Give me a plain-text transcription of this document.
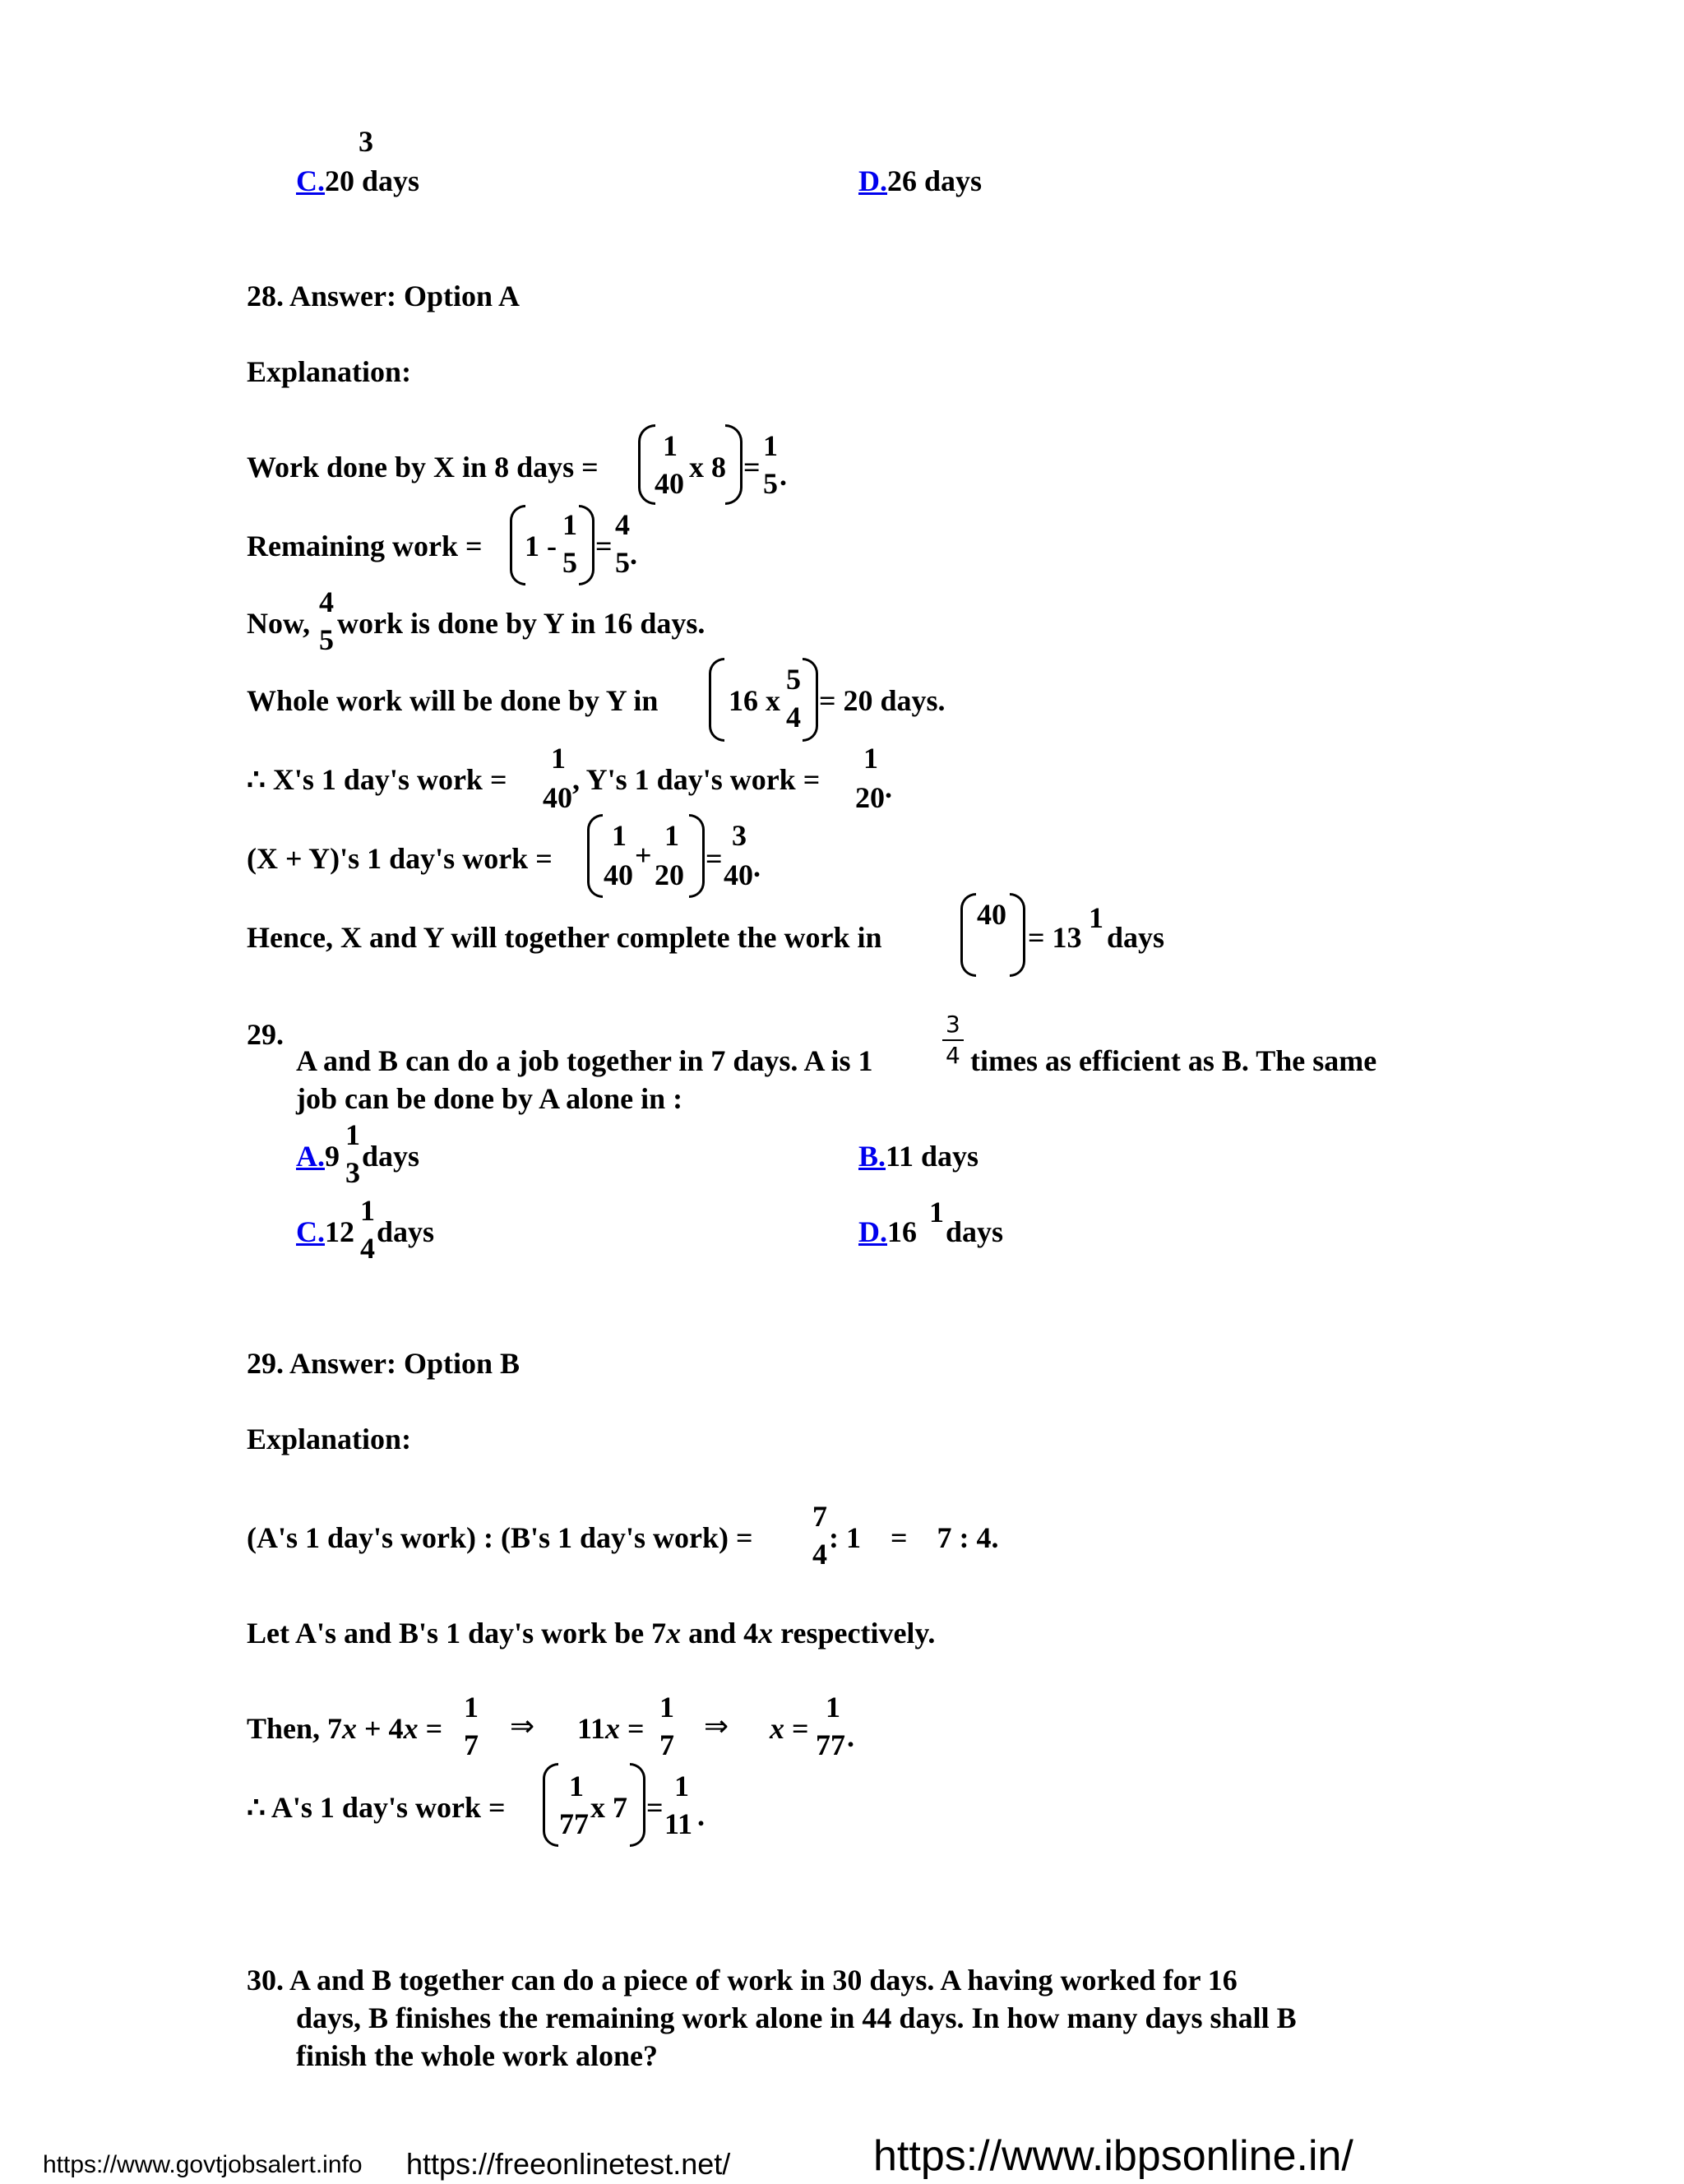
3
C.20 days	D.26 days
28. Answer: Option A
Explanation:
Work done by X in 8 days =
1
40 x 8 =
1
5 .
Remaining work = 1 -
1
5 =
4
5 .
Now,
4
5 work is done by Y in 16 days.
Whole work will be done by Y in 16 x
5
4 = 20 days.
∴ X's 1 day's work =
1
40
, Y's 1 day's work =
1
20 .
(X + Y)'s 1 day's work =
1
40
+
1
20 =
3
40 .
Hence, X and Y will together complete the work in
40
= 13
1
days
29.
A and B can do a job together in 7 days. A is 1
3
4 times as efficient as B. The same
job can be done by A alone in :
A.9
1
3 days	B.11 days
C.12
1
4 days	D.16
1
days
29. Answer: Option B
Explanation:
(A's 1 day's work) : (B's 1 day's work) =
7
4 : 1    =    7 : 4.
Let A's and B's 1 day's work be 7x and 4x respectively.
Then, 7x + 4x =
1
7
⇒ 11x =
1
7
⇒ x =
1
77 .
∴ A's 1 day's work =
1
77 x 7 =
1
11 .
30. A and B together can do a piece of work in 30 days. A having worked for 16
days, B finishes the remaining work alone in 44 days. In how many days shall B
finish the whole work alone?
https://www.govtjobsalert.info https://freeonlinetest.net/	https://www.ibpsonline.in/
